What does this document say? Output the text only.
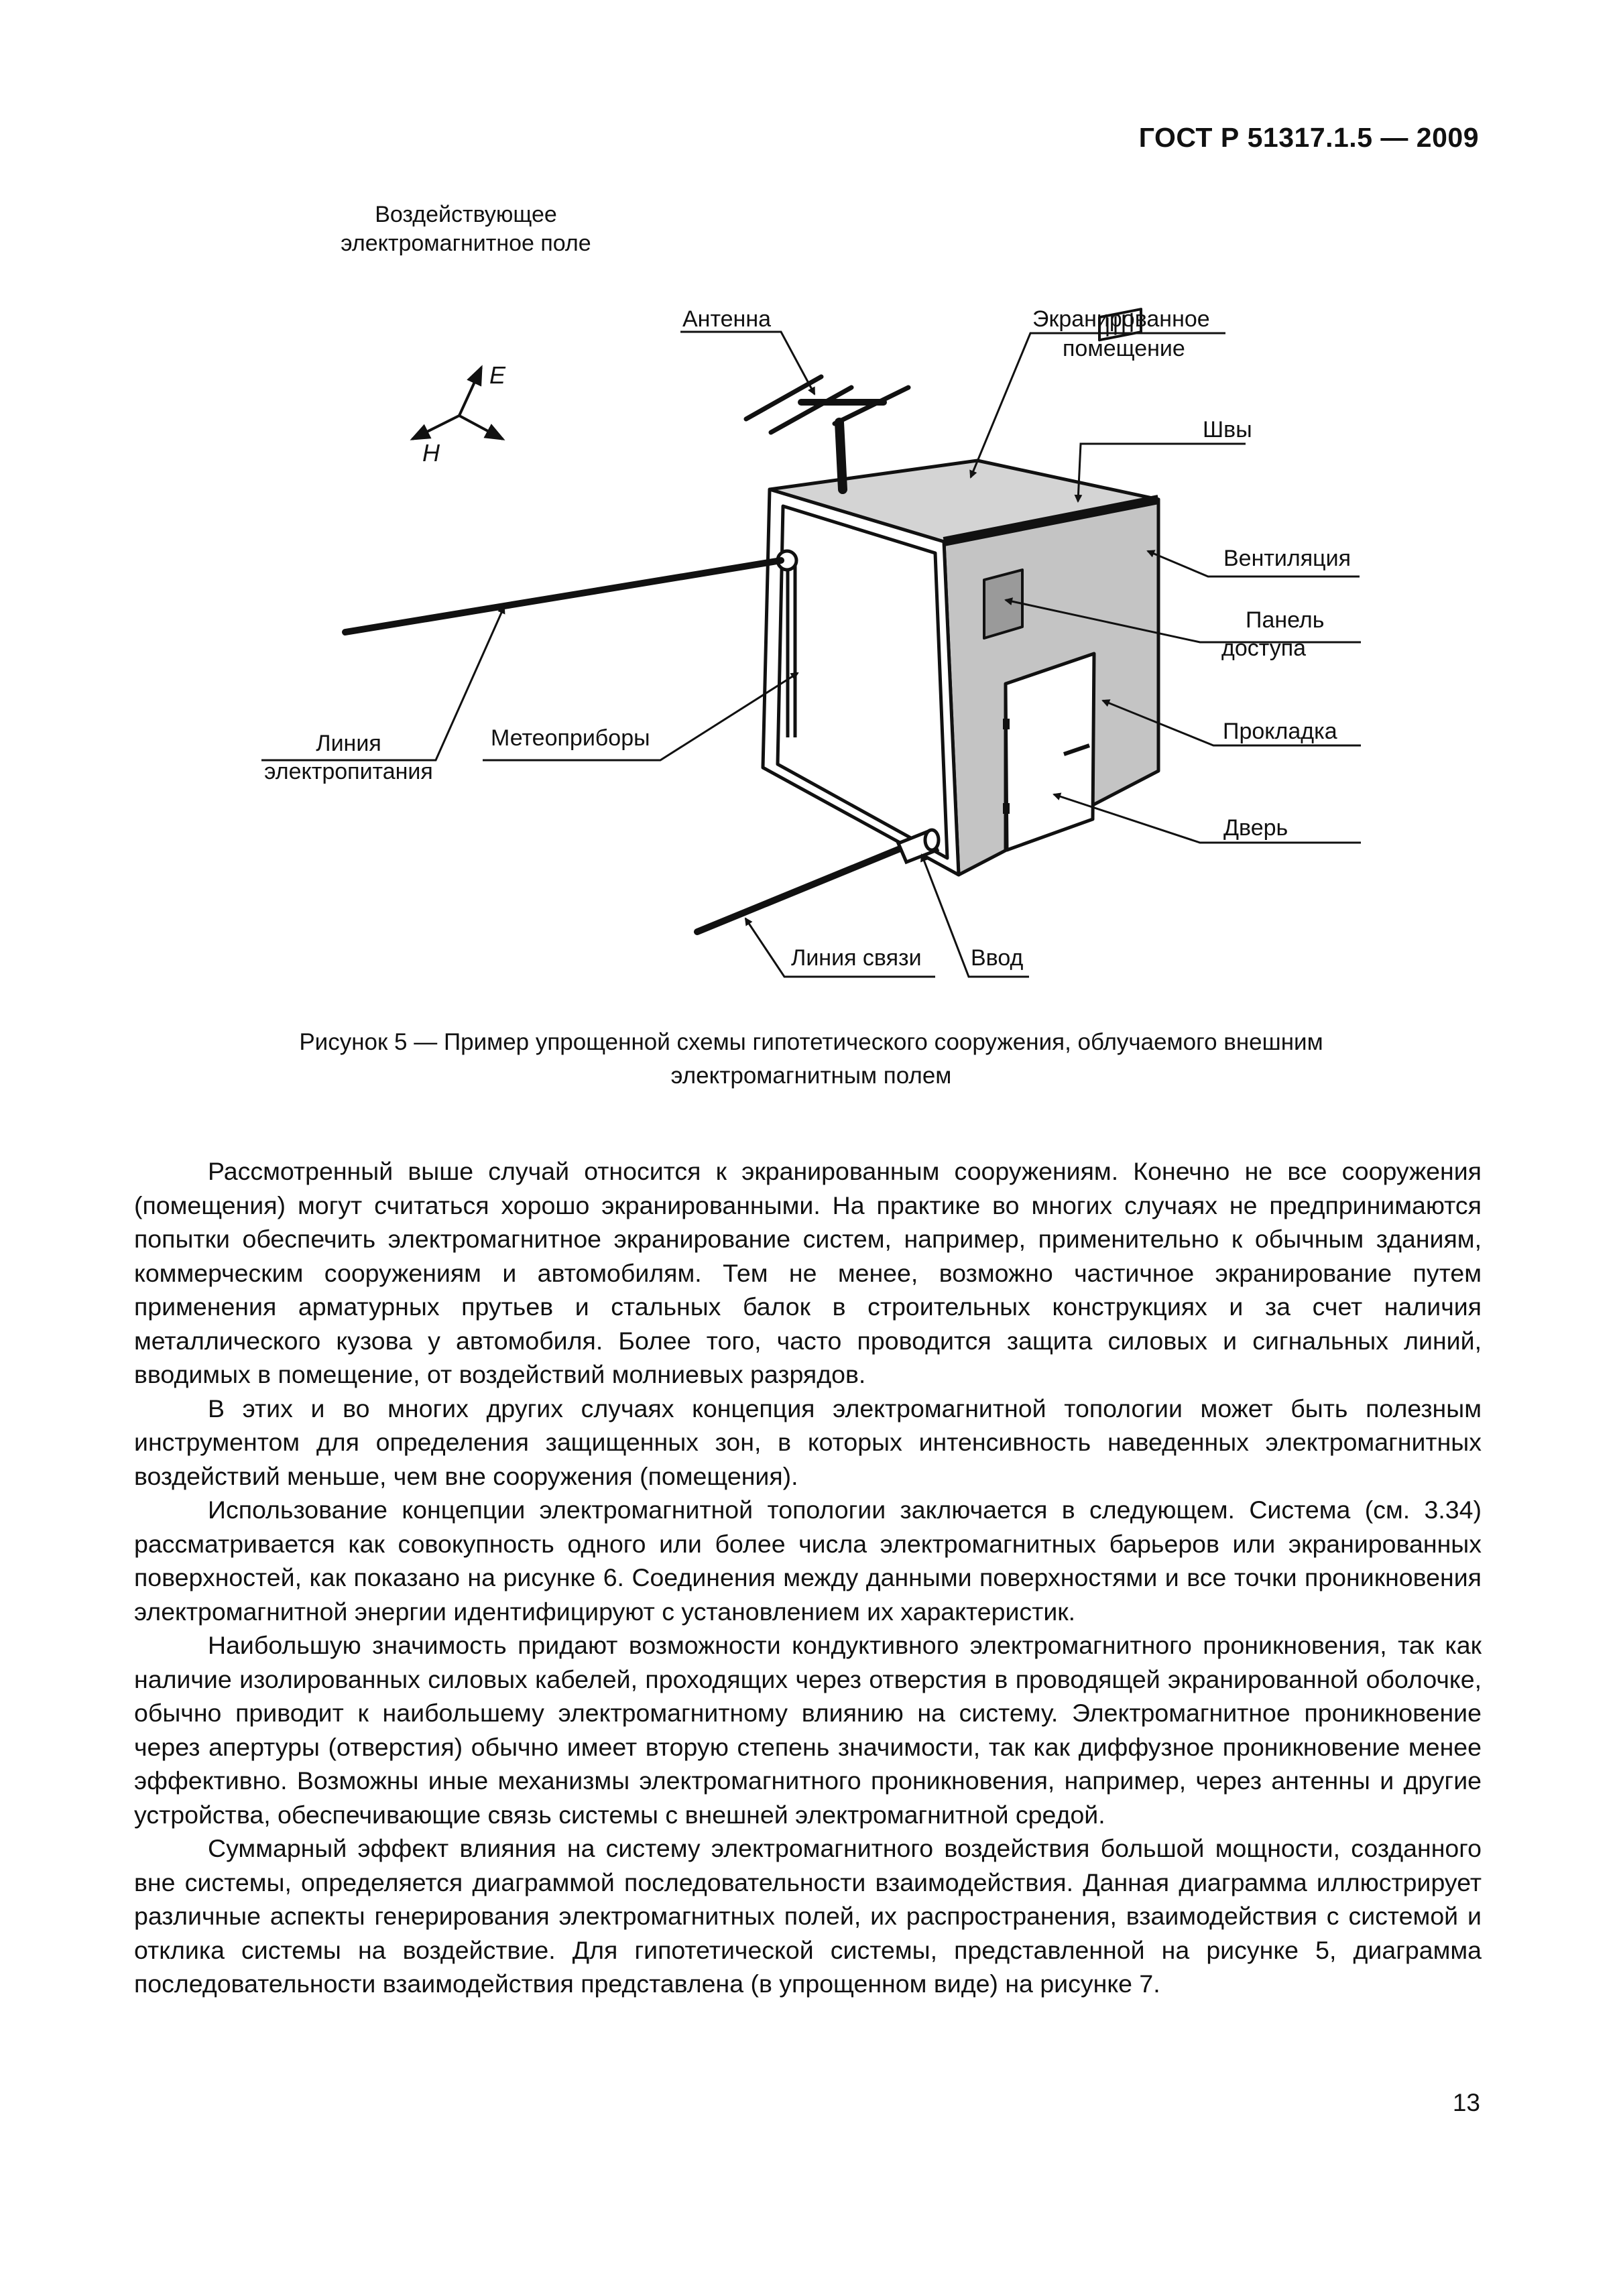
ГОСТ Р 51317.1.5 — 2009
Воздействующее
электромагнитное поле
E
H
Антенна	Экранированное
помещение
Швы
Вентиляция
Панель
доступа
Прокладка
Дверь
Линия
электропитания
Метеоприборы
Линия связи Ввод
Рисунок 5 — Пример упрощенной схемы гипотетического сооружения, облучаемого внешним
электромагнитным полем

Рассмотренный выше случай относится к экранированным сооружениям. Конечно не все сооружения (помещения) могут считаться хорошо экранированными. На практике во многих случаях не предпринимаются попытки обеспечить электромагнитное экранирование систем, например, применительно к обычным зданиям, коммерческим сооружениям и автомобилям. Тем не менее, возможно частичное экранирование путем применения арматурных прутьев и стальных балок в строительных конструкциях и за счет наличия металлического кузова у автомобиля. Более того, часто проводится защита силовых и сигнальных линий, вводимых в помещение, от воздействий молниевых разрядов.

В этих и во многих других случаях концепция электромагнитной топологии может быть полезным инструментом для определения защищенных зон, в которых интенсивность наведенных электромагнитных воздействий меньше, чем вне сооружения (помещения).

Использование концепции электромагнитной топологии заключается в следующем. Система (см. 3.34) рассматривается как совокупность одного или более числа электромагнитных барьеров или экранированных поверхностей, как показано на рисунке 6. Соединения между данными поверхностями и все точки проникновения электромагнитной энергии идентифицируют с установлением их характеристик.

Наибольшую значимость придают возможности кондуктивного электромагнитного проникновения, так как наличие изолированных силовых кабелей, проходящих через отверстия в проводящей экранированной оболочке, обычно приводит к наибольшему электромагнитному влиянию на систему. Электромагнитное проникновение через апертуры (отверстия) обычно имеет вторую степень значимости, так как диффузное проникновение менее эффективно. Возможны иные механизмы электромагнитного проникновения, например, через антенны и другие устройства, обеспечивающие связь системы с внешней электромагнитной средой.

Суммарный эффект влияния на систему электромагнитного воздействия большой мощности, созданного вне системы, определяется диаграммой последовательности взаимодействия. Данная диаграмма иллюстрирует различные аспекты генерирования электромагнитных полей, их распространения, взаимодействия с системой и отклика системы на воздействие. Для гипотетической системы, представленной на рисунке 5, диаграмма последовательности взаимодействия представлена (в упрощенном виде) на рисунке 7.

13
